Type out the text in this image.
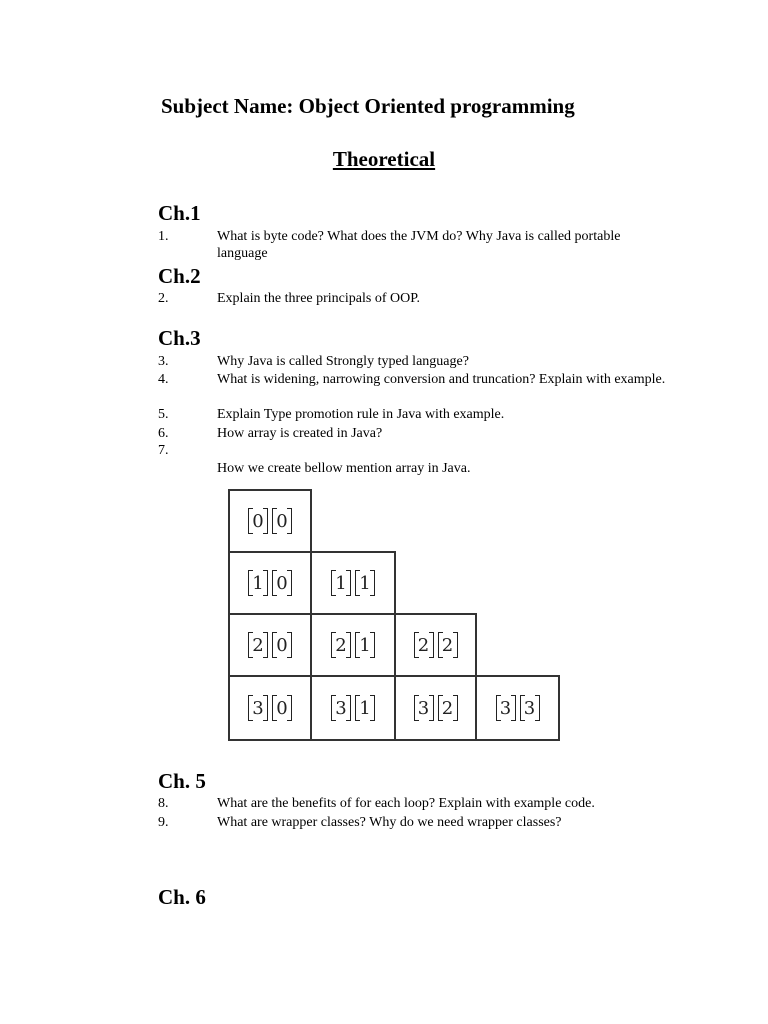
Subject Name: Object Oriented programming
Theoretical
Ch.1
1.	What is byte code? What does the JVM do? Why Java is called portable language
Ch.2
2.	Explain the three principals of OOP.
Ch.3
3.	Why Java is called Strongly typed language?
4.	What is widening, narrowing conversion and truncation? Explain with example.
5.	Explain Type promotion rule in Java with example.
6.	How array is created in Java?
7.
How we create bellow mention array in Java.
0 0
1 0	1 1
2 0	2 1	2 2
3 0	3 1	3 2	3 3
Ch. 5
8.	What are the benefits of for each loop? Explain with example code.
9.	What are wrapper classes? Why do we need wrapper classes?
Ch. 6
